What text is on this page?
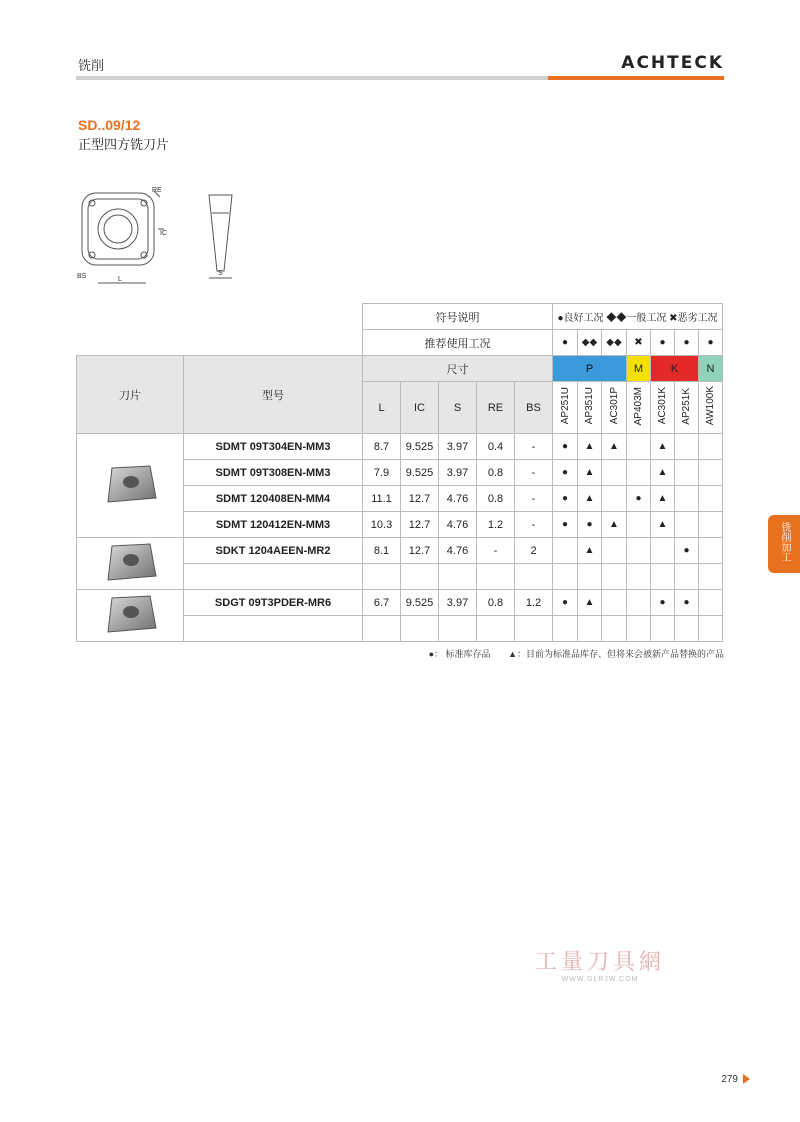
铣削	ACHTECK
SD..09/12
正型四方铣刀片
RE
IC
BS	L
S
		符号说明					●良好工况 ◆◆一般工况 ✖恶劣工况						
		推荐使用工况					●	◆◆	◆◆	✖	●	●	●
刀片	型号	尺寸					P			M	K		N
		L	IC	S	RE	BS	AP251U	AP351U	AC301P	AP403M	AC301K	AP251K	AW100K
	SDMT 09T304EN-MM3	8.7	9.525	3.97	0.4	-	●	▲	▲		▲		
	SDMT 09T308EN-MM3	7.9	9.525	3.97	0.8	-	●	▲			▲		
	SDMT 120408EN-MM4	11.1	12.7	4.76	0.8	-	●	▲		●	▲		
	SDMT 120412EN-MM3	10.3	12.7	4.76	1.2	-	●	●	▲		▲		
	SDKT 1204AEEN-MR2	8.1	12.7	4.76	-	2		▲				●	

	SDGT 09T3PDER-MR6	6.7	9.525	3.97	0.8	1.2	●	▲			●	●	

●： 标准库存品 ▲：目前为标准品库存、但将来会被新产品替换的产品
铣削加工
工量刀具網
WWW.GLRJW.COM
279
